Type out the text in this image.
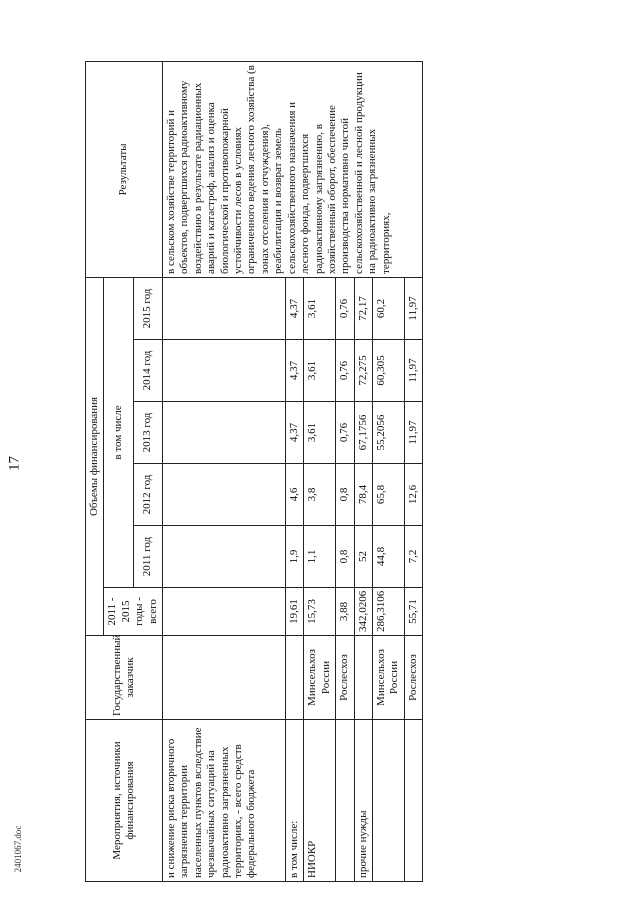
17
2401067.doc	Мероприятия, источники финансирования	Государственный заказчик	Объемы финансирования						Результаты
		2011 - 2015 годы - всего	в том числе					
			2011 год	2012 год	2013 год	2014 год	2015 год	
и снижение риска вторичного загрязнения территории населенных пунктов вследствие чрезвычайных ситуаций на радиоактивно загрязненных территориях, - всего средств федерального бюджета								в сельском хозяйстве территорий и объектов, подвергшихся радиоактивному воздействию в результате радиационных аварий и катастроф, анализ и оценка биологической и противопожарной устойчивости лесов в условиях ограниченного ведения лесного хозяйства (в зонах отселения и отчуждения), реабилитация и возврат земель сельскохозяйственного назначения и лесного фонда, подвергшихся радиоактивному загрязнению, в хозяйственный оборот, обеспечение производства нормативно чистой сельскохозяйственной и лесной продукции на радиоактивно загрязненных территориях,
в том числе:		19,61	1,9	4,6	4,37	4,37	4,37	
НИОКР	Минсельхоз России	15,73	1,1	3,8	3,61	3,61	3,61	
	Рослесхоз	3,88	0,8	0,8	0,76	0,76	0,76	
прочие нужды		342,0206	52	78,4	67,1756	72,275	72,17	
	Минсельхоз России	286,3106	44,8	65,8	55,2056	60,305	60,2	
	Рослесхоз	55,71	7,2	12,6	11,97	11,97	11,97	
